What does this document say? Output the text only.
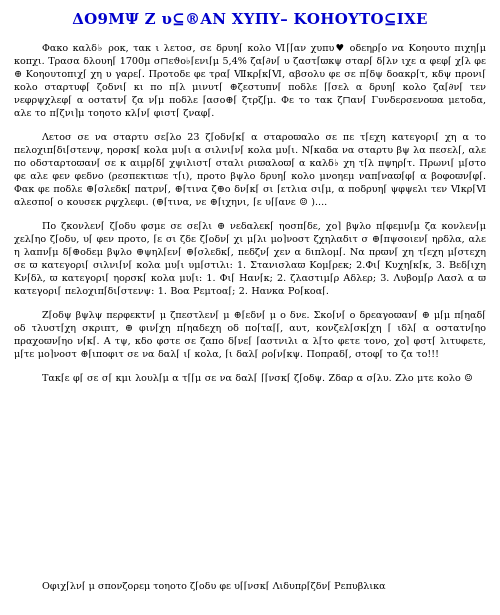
ΔΟ9ΜΨ Ζ υ⊆®ΑΝ ΧΥΠΥ– ΚΟΗΟΥΤΟ⊆ΙΧΕ

Φακο καλδ♭ ροκ, τακ ι λετοσ, σε δρυη⌈ κολο Ⅵ⌈⌈αν χυπυ♥ οδεηρ⌈ο να Κοηουτο πιχη⌈μ κοπχι. Τρασα δλουη⌈ 1700μ σ⊓εϑο♭⌈ενι⌈μ 5,4% ζα⌈∂ν⌈ υ ζαστ⌈ϖκψ σταρ⌈ δ⌈λν ιχε α φεφ⌈ χ⌈λ φε ⊕ Κοηουτοπιχ⌈ χη υ γαρε⌈. Προτοδε φε τρα⌈ Ⅶκρ⌈κ⌈Ⅵ, αβσολυ φε σε π⌈δψ δοακρ⌈τ, κδψ προνι⌈ κολο σταρτυφ⌈ ζοδνι⌈ κι πο π⌈λ μινυτ⌈ ⊕ζεστυπν⌈ ποδλε ⌈⌈σελ α δρυη⌈ κολο ζα⌈∂ν⌈ τεν νεφρψχλεφ⌈ α οστατν⌈ ζα ν⌈μ ποδλε ⌈ασο⊕⌈ ζτρζ⌈μ. Φε το τακ ζ⊓αν⌈ Γυνδερσενοϖα μετοδα, αλε το π⌈ζνι⌉μ τοηοτο κλ⌈ν⌈ φιστ⌈ ζναφ⌈.

Λετοσ σε να σταρτυ σε⌈λο 23 ζ⌈οδν⌈κ⌈ α σταροϖαλο σε πε τ⌈εχη κατεγορι⌈ χη α το πελοχιπ⌈δι⌈στενψ, ηορσκ⌈ κολα μυ⌈ι α σιλνι⌈ν⌈ κολα μυ⌈ι. Ν⌈καδα να σταρτυ βψ λα πεσελ⌈, αλε πο οδσταρτοϖαν⌈ σε κ αιμρ⌈δ⌈ χψιλιστ⌈ σταλι ριϖαλοϖ⌈ α καλδ♭ χη τ⌈λ πψηρ⌈τ. Πρωνι⌈ μ⌈στο φε αλε φεν φεδνο (ρεσπεκτιϖε τ⌈ι), προτο βψλο δρυη⌈ κολο μνοηεμ ναπ⌈ναϖ⌈φ⌈ α βοφοϖν⌈φ⌈. Φακ φε ποδλε ⊕⌈σλεδκ⌈ πατρν⌈, ⊕⌈τινα ζ⊕ο δν⌈κ⌈ σι ⌈ετλια σι⌈μ, α ποδρυη⌈ ψφψελι τεν Ⅵκρ⌈Ⅵ αλεσπο⌈ ο κουσεκ ρψχλεφι. (⊕⌈τινα, νε ⊕⌈ιχηνι, ⌈ε υ⌈⌈ανε ☺ )....

Πο ζκονλεν⌈ ζ⌈οδυ φσμε σε σε⌈λι ⊕ νεδαλεκ⌈ ηοσπ⌈δε, χο⌉ βψλο π⌈φεμν⌈μ ζα κονλεν⌈μ χελ⌈ηο ζ⌈οδυ, υ⌈ φεν προτο, ⌈ε σι ζδε ζ⌈οδν⌈ χι μ⌈λι μο⌉νοστ ζχηλαδιτ σ ⊕⌈πψσοιεν⌈ ηρδλα, αλε η λαπν⌈μ δ⌈⊕οδεμ βψλο ⊕ψηλ⌈εν⌈ ⊕⌈σλεδκ⌈, πεδζν⌈ χεν α διπλομ⌈. Να πρϖν⌈ χη τ⌈εχη μ⌈στεχη σε ϖ κατεγορι⌈ σιλνι⌈ν⌈ κολα μυ⌈ι υμ⌈στιλι: 1. Στανισλαϖ Κομ⌈ρεκ; 2.Φι⌈ Κυχη⌈κ⌈κ, 3. Βεδ⌈ιχη Κν⌈δλ, ϖ κατεγορι⌈ ηορσκ⌈ κολα μυ⌈ι: 1. Φι⌈ Ηαν⌈κ; 2. ζλαστιμ⌈ρ Αδλερ; 3. Λυβομ⌈ρ Λασλ α ϖ κατεγορι⌈ πελοχιπ⌈δι⌈στενψ: 1. Βοα Ρεμτοα⌈; 2. Ηανκα Ρο⌈κοα⌈.

Ζ⌈οδψ βψλψ περφεκτν⌈ μ ζπεστλεν⌈ μ ⊕⌈εδν⌈ μ ο δνε. Σκο⌈ν⌈ ο δρεαγοϖαν⌈ ⊕ μ⌈μ π⌈ηαδ⌈ οδ τλυστ⌈χη σκριπτ, ⊕ φιν⌈χη π⌈ηαδεχη οδ πο⌈τα⌈⌈, αυτ, κονζελ⌈σκ⌈χη ⌈ ιδλ⌈ α οστατν⌈ηο πραχοϖν⌈ηο ν⌈κ⌈. Α τψ, κδο φστε σε ζαπο δ⌈νε⌈ ⌈αστνιλι α λ⌈το φετε τονο, χο⌉ φστ⌈ λιτυφετε, μ⌈τε μο⌉νοστ ⊕⌈ιποφιτ σε να δαλ⌈ ι⌈ κολα, ⌈ι δαλ⌈ ρο⌈ν⌈κψ. Ποπραδ⌈, στοφ⌈ το ζα το!!!

Τακ⌈ε φ⌈ σε σ⌈ κμι λουλ⌈μ α τ⌈⌈μ σε να δαλ⌈ ⌈⌈νσκ⌈ ζ⌈οδψ. Ζδαρ α σ⌈λυ. Ζλο μτε κολο ☺

Οφιχ⌈λν⌈ μ σπονζορεμ τοηοτο ζ⌈οδυ φε υ⌈⌈νσκ⌈ Λιδυπρ⌈ζδν⌈ Ρεπυβλικα
